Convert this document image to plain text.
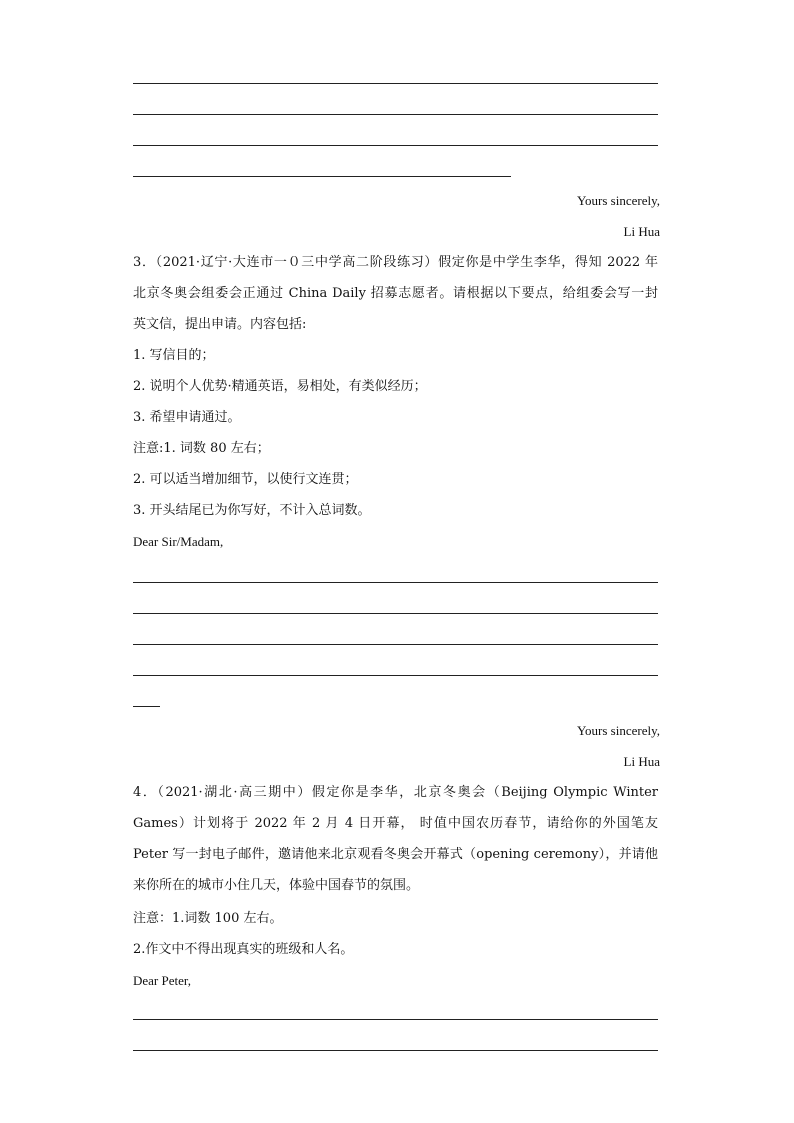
Yours sincerely,
Li Hua
3．（2021·辽宁·大连市一０三中学高二阶段练习）假定你是中学生李华，得知 2022 年
北京冬奥会组委会正通过 China Daily 招募志愿者。请根据以下要点，给组委会写一封
英文信，提出申请。内容包括:
1. 写信目的；
2. 说明个人优势·精通英语，易相处，有类似经历；
3. 希望申请通过。
注意:1. 词数 80 左右；
2. 可以适当增加细节，以使行文连贯；
3. 开头结尾已为你写好，不计入总词数。
Dear Sir/Madam,
Yours sincerely,
Li Hua
4．（2021·湖北·高三期中）假定你是李华，北京冬奥会（Beijing Olympic Winter
Games）计划将于 2022 年 2 月 4 日开幕， 时值中国农历春节，请给你的外国笔友
Peter 写一封电子邮件，邀请他来北京观看冬奥会开幕式（opening ceremony），并请他
来你所在的城市小住几天，体验中国春节的氛围。
注意：1.词数 100 左右。
2.作文中不得出现真实的班级和人名。
Dear Peter,
